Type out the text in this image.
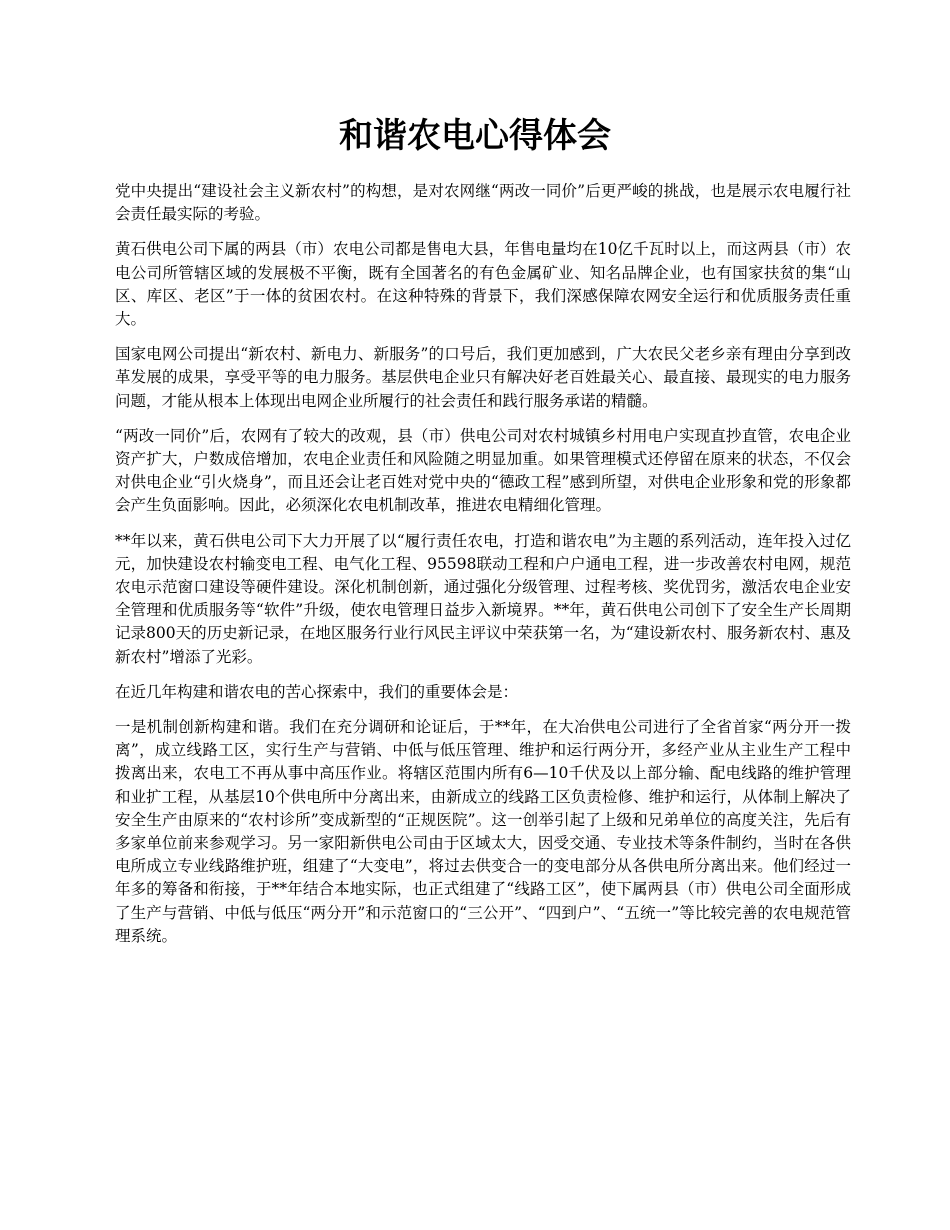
和谐农电心得体会

党中央提出“建设社会主义新农村”的构想，是对农网继“两改一同价”后更严峻的挑战，也是展示农电履行社会责任最实际的考验。

黄石供电公司下属的两县（市）农电公司都是售电大县，年售电量均在10亿千瓦时以上，而这两县（市）农电公司所管辖区域的发展极不平衡，既有全国著名的有色金属矿业、知名品牌企业，也有国家扶贫的集“山区、库区、老区”于一体的贫困农村。在这种特殊的背景下，我们深感保障农网安全运行和优质服务责任重大。

国家电网公司提出“新农村、新电力、新服务”的口号后，我们更加感到，广大农民父老乡亲有理由分享到改革发展的成果，享受平等的电力服务。基层供电企业只有解决好老百姓最关心、最直接、最现实的电力服务问题，才能从根本上体现出电网企业所履行的社会责任和践行服务承诺的精髓。

“两改一同价”后，农网有了较大的改观，县（市）供电公司对农村城镇乡村用电户实现直抄直管，农电企业资产扩大，户数成倍增加，农电企业责任和风险随之明显加重。如果管理模式还停留在原来的状态，不仅会对供电企业“引火烧身”，而且还会让老百姓对党中央的“德政工程”感到所望，对供电企业形象和党的形象都会产生负面影响。因此，必须深化农电机制改革，推进农电精细化管理。

**年以来，黄石供电公司下大力开展了以“履行责任农电，打造和谐农电”为主题的系列活动，连年投入过亿元，加快建设农村输变电工程、电气化工程、95598联动工程和户户通电工程，进一步改善农村电网，规范农电示范窗口建设等硬件建设。深化机制创新，通过强化分级管理、过程考核、奖优罚劣，激活农电企业安全管理和优质服务等“软件”升级，使农电管理日益步入新境界。**年，黄石供电公司创下了安全生产长周期记录800天的历史新记录，在地区服务行业行风民主评议中荣获第一名，为“建设新农村、服务新农村、惠及新农村”增添了光彩。

在近几年构建和谐农电的苦心探索中，我们的重要体会是：

一是机制创新构建和谐。我们在充分调研和论证后，于**年，在大冶供电公司进行了全省首家“两分开一拨离”，成立线路工区，实行生产与营销、中低与低压管理、维护和运行两分开，多经产业从主业生产工程中拨离出来，农电工不再从事中高压作业。将辖区范围内所有6—10千伏及以上部分输、配电线路的维护管理和业扩工程，从基层10个供电所中分离出来，由新成立的线路工区负责检修、维护和运行，从体制上解决了安全生产由原来的“农村诊所”变成新型的“正规医院”。这一创举引起了上级和兄弟单位的高度关注，先后有多家单位前来参观学习。另一家阳新供电公司由于区域太大，因受交通、专业技术等条件制约，当时在各供电所成立专业线路维护班，组建了“大变电”，将过去供变合一的变电部分从各供电所分离出来。他们经过一年多的筹备和衔接，于**年结合本地实际，也正式组建了“线路工区”，使下属两县（市）供电公司全面形成了生产与营销、中低与低压“两分开”和示范窗口的“三公开”、“四到户”、“五统一”等比较完善的农电规范管理系统。
